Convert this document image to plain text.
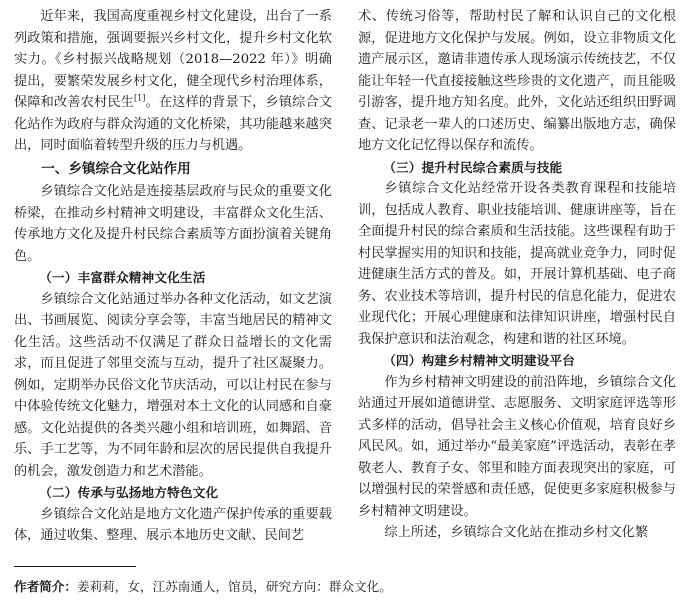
近年来，我国高度重视乡村文化建设，出台了一系列政策和措施，强调要振兴乡村文化，提升乡村文化软实力。《乡村振兴战略规划（2018—2022 年）》明确提出，要繁荣发展乡村文化，健全现代乡村治理体系，保障和改善农村民生[1]。在这样的背景下，乡镇综合文化站作为政府与群众沟通的文化桥梁，其功能越来越突出，同时面临着转型升级的压力与机遇。

一、乡镇综合文化站作用

乡镇综合文化站是连接基层政府与民众的重要文化桥梁，在推动乡村精神文明建设，丰富群众文化生活、传承地方文化及提升村民综合素质等方面扮演着关键角色。

（一）丰富群众精神文化生活

乡镇综合文化站通过举办各种文化活动，如文艺演出、书画展览、阅读分享会等，丰富当地居民的精神文化生活。这些活动不仅满足了群众日益增长的文化需求，而且促进了邻里交流与互动，提升了社区凝聚力。例如，定期举办民俗文化节庆活动，可以让村民在参与中体验传统文化魅力，增强对本土文化的认同感和自豪感。文化站提供的各类兴趣小组和培训班，如舞蹈、音乐、手工艺等，为不同年龄和层次的居民提供自我提升的机会，激发创造力和艺术潜能。

（二）传承与弘扬地方特色文化

乡镇综合文化站是地方文化遗产保护传承的重要载体，通过收集、整理、展示本地历史文献、民间艺

术、传统习俗等，帮助村民了解和认识自己的文化根源，促进地方文化保护与发展。例如，设立非物质文化遗产展示区，邀请非遗传承人现场演示传统技艺，不仅能让年轻一代直接接触这些珍贵的文化遗产，而且能吸引游客，提升地方知名度。此外，文化站还组织田野调查、记录老一辈人的口述历史、编纂出版地方志，确保地方文化记忆得以保存和流传。

（三）提升村民综合素质与技能

乡镇综合文化站经常开设各类教育课程和技能培训，包括成人教育、职业技能培训、健康讲座等，旨在全面提升村民的综合素质和生活技能。这些课程有助于村民掌握实用的知识和技能，提高就业竞争力，同时促进健康生活方式的普及。如，开展计算机基础、电子商务、农业技术等培训，提升村民的信息化能力，促进农业现代化；开展心理健康和法律知识讲座，增强村民自我保护意识和法治观念，构建和谐的社区环境。

（四）构建乡村精神文明建设平台

作为乡村精神文明建设的前沿阵地，乡镇综合文化站通过开展如道德讲堂、志愿服务、文明家庭评选等形式多样的活动，倡导社会主义核心价值观，培育良好乡风民风。如，通过举办“最美家庭”评选活动，表彰在孝敬老人、教育子女、邻里和睦方面表现突出的家庭，可以增强村民的荣誉感和责任感，促使更多家庭积极参与乡村精神文明建设。

综上所述，乡镇综合文化站在推动乡村文化繁

作者简介：姜莉莉，女，江苏南通人，馆员，研究方向：群众文化。
